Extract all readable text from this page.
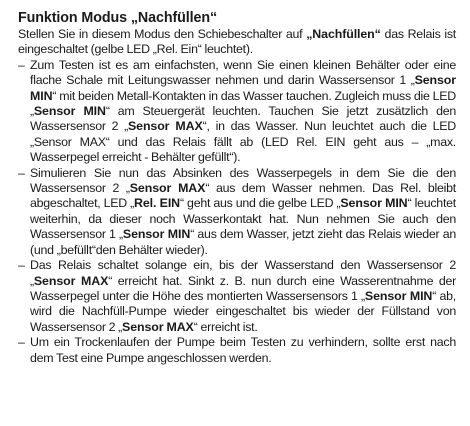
Funktion Modus „Nachfüllen“

Stellen Sie in diesem Modus den Schiebeschalter auf „Nachfüllen“ das Relais ist eingeschaltet (gelbe LED „Rel. Ein“ leuchtet).

– Zum Testen ist es am einfachsten, wenn Sie einen kleinen Behälter oder eine flache Schale mit Leitungswasser nehmen und darin Wassersensor 1 „Sensor MIN“ mit beiden Metall-Kontakten in das Wasser tauchen. Zugleich muss die LED „Sensor MIN“ am Steuergerät leuchten. Tauchen Sie jetzt zusätzlich den Wassersensor 2 „Sensor MAX“, in das Wasser. Nun leuchtet auch die LED „Sensor MAX“ und das Relais fällt ab (LED Rel. EIN geht aus – „max. Wasserpegel erreicht - Behälter gefüllt“).
– Simulieren Sie nun das Absinken des Wasserpegels in dem Sie die den Wassersensor 2 „Sensor MAX“ aus dem Wasser nehmen. Das Rel. bleibt abgeschaltet, LED „Rel. EIN“ geht aus und die gelbe LED „Sensor MIN“ leuchtet weiterhin, da dieser noch Wasserkontakt hat. Nun nehmen Sie auch den Wassersensor 1 „Sensor MIN“ aus dem Wasser, jetzt zieht das Relais wieder an (und „befüllt“den Behälter wieder).
– Das Relais schaltet solange ein, bis der Wasserstand den Wassersensor 2 „Sensor MAX“ erreicht hat. Sinkt z. B. nun durch eine Wasserentnahme der Wasserpegel unter die Höhe des montierten Wassersensors 1 „Sensor MIN“ ab, wird die Nachfüll-Pumpe wieder eingeschaltet bis wieder der Füllstand von Wassersensor 2 „Sensor MAX“ erreicht ist.
– Um ein Trockenlaufen der Pumpe beim Testen zu verhindern, sollte erst nach dem Test eine Pumpe angeschlossen werden.
